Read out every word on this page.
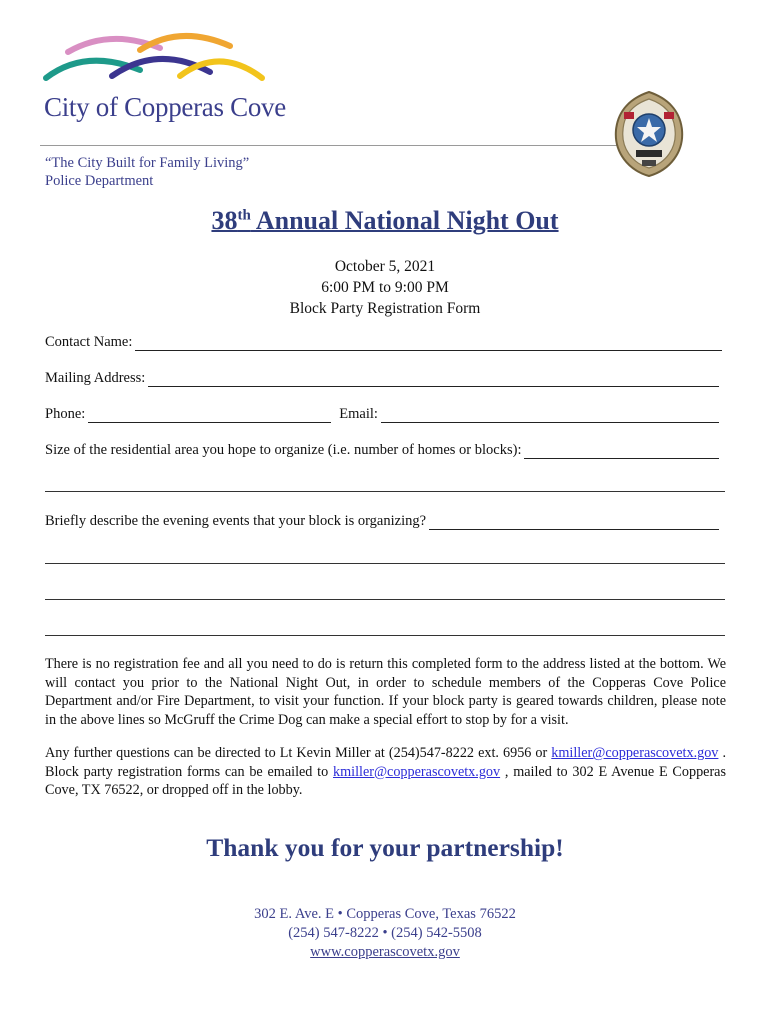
City of Copperas Cove
“The City Built for Family Living”
Police Department
38th Annual National Night Out
October 5, 2021
6:00 PM to 9:00 PM
Block Party Registration Form
Contact Name:
Mailing Address:
Phone:	Email:
Size of the residential area you hope to organize (i.e. number of homes or blocks):
Briefly describe the evening events that your block is organizing?
There is no registration fee and all you need to do is return this completed form to the address listed at the bottom. We will contact you prior to the National Night Out, in order to schedule members of the Copperas Cove Police Department and/or Fire Department, to visit your function. If your block party is geared towards children, please note in the above lines so McGruff the Crime Dog can make a special effort to stop by for a visit.
Any further questions can be directed to Lt Kevin Miller at (254)547-8222 ext. 6956 or kmiller@copperascovetx.gov . Block party registration forms can be emailed to kmiller@copperascovetx.gov , mailed to 302 E Avenue E Copperas Cove, TX 76522, or dropped off in the lobby.
Thank you for your partnership!
302 E. Ave. E • Copperas Cove, Texas 76522
(254) 547-8222 • (254) 542-5508
www.copperascovetx.gov
